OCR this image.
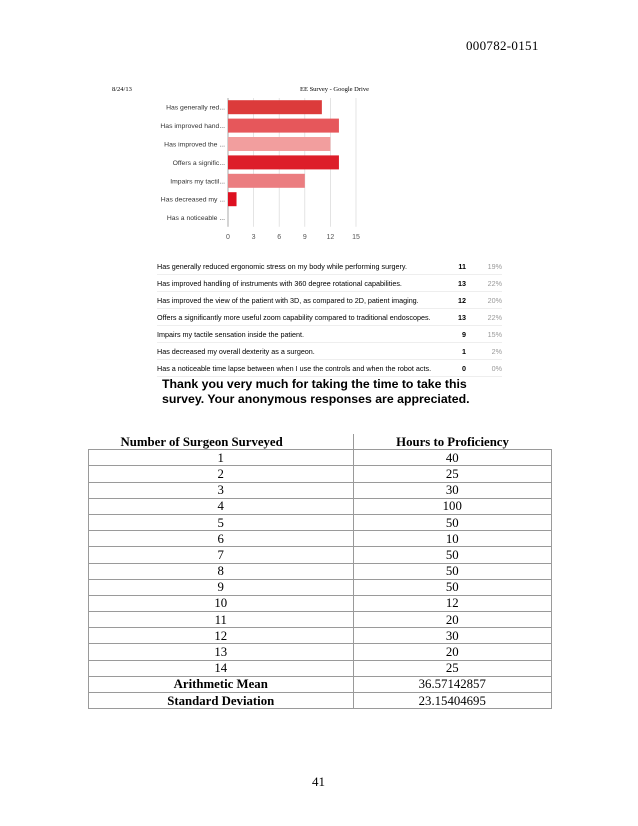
000782-0151
8/24/13	EE Survey - Google Drive
0	3	6	9	12	15
Has generally red...
Has improved hand...
Has improved the ...
Offers a signific...
Impairs my tactil...
Has decreased my ...
Has a noticeable ...
Has generally reduced ergonomic stress on my body while performing surgery.	11	19%
Has improved handling of instruments with 360 degree rotational capabilities.	13	22%
Has improved the view of the patient with 3D, as compared to 2D, patient imaging.	12	20%
Offers a significantly more useful zoom capability compared to traditional endoscopes.	13	22%
Impairs my tactile sensation inside the patient.	9	15%
Has decreased my overall dexterity as a surgeon.	1	2%
Has a noticeable time lapse between when I use the controls and when the robot acts.	0	0%
Thank you very much for taking the time to take this survey. Your anonymous responses are appreciated.
Number of Surgeon Surveyed	Hours to Proficiency
1	40
2	25
3	30
4	100
5	50
6	10
7	50
8	50
9	50
10	12
11	20
12	30
13	20
14	25
Arithmetic Mean	36.57142857
Standard Deviation	23.15404695
41
